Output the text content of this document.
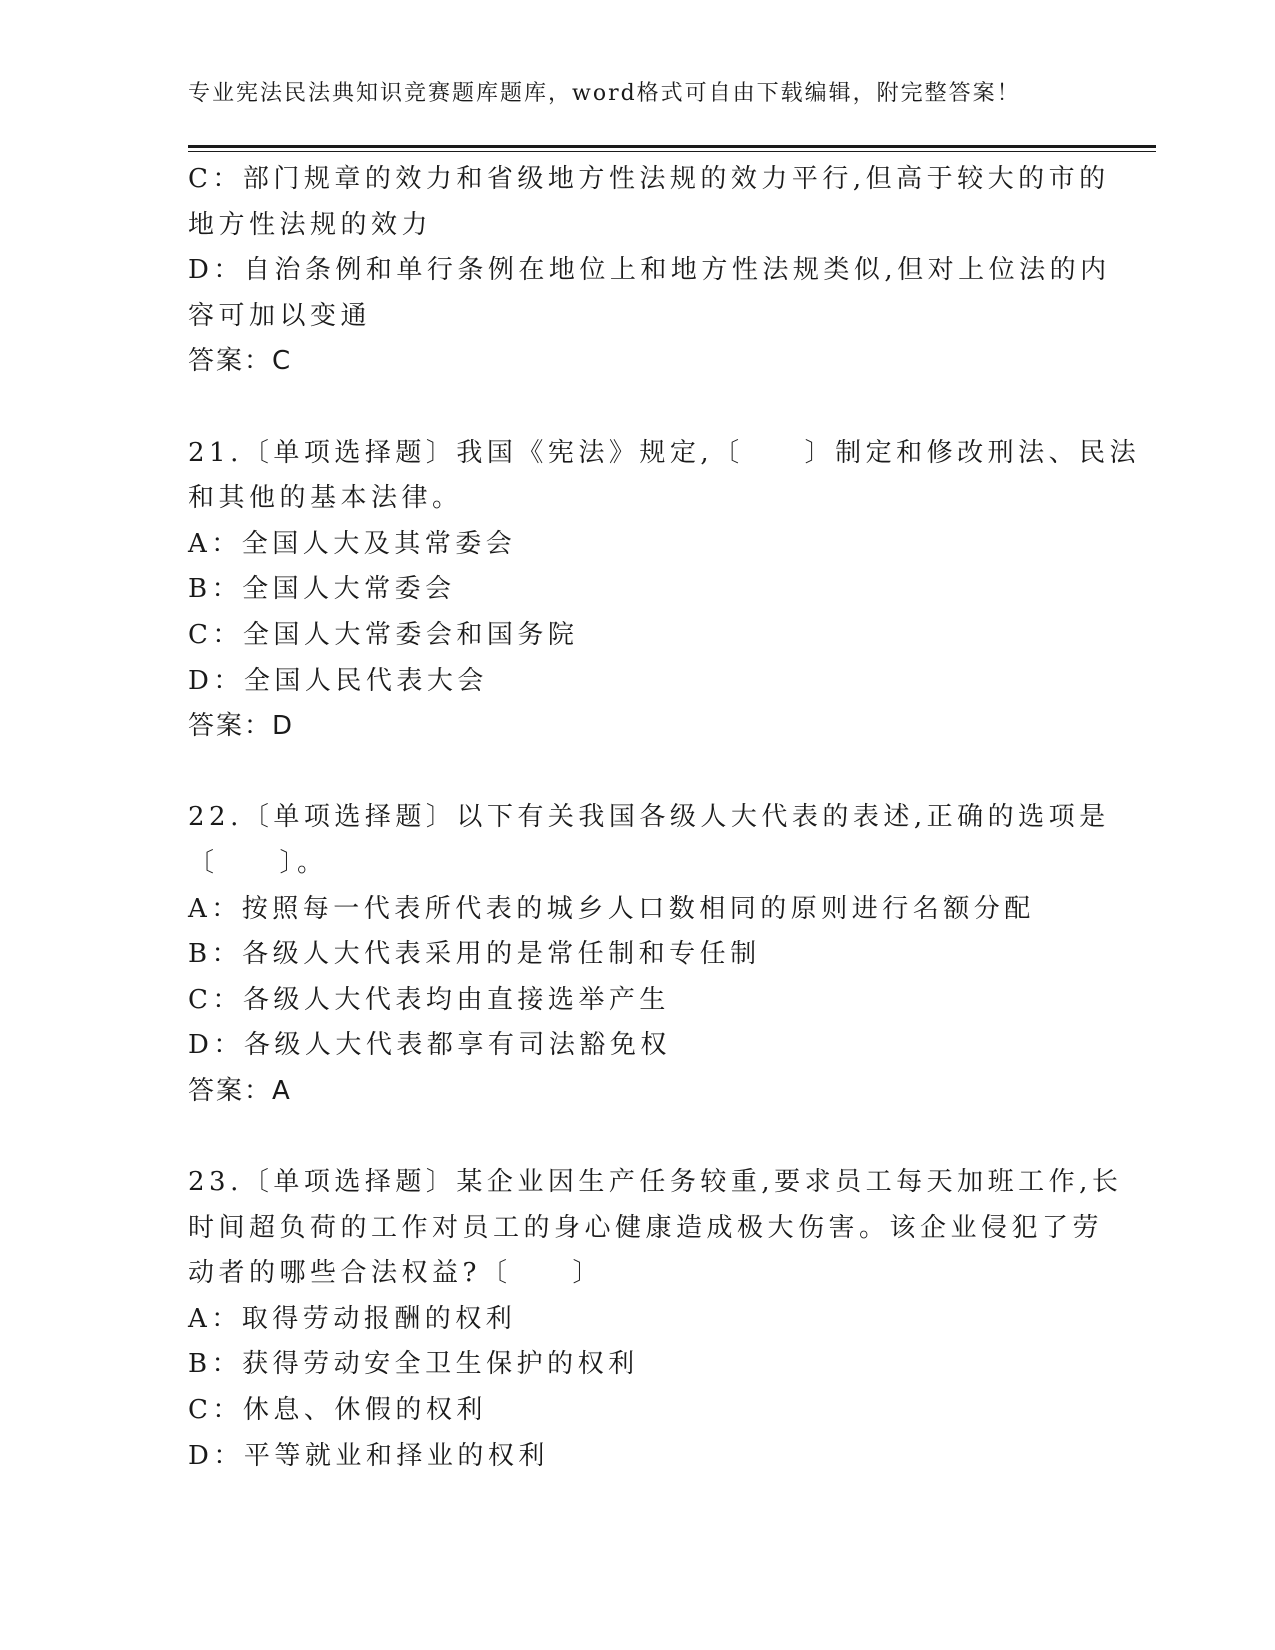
专业宪法民法典知识竞赛题库题库，word格式可自由下载编辑，附完整答案！
C：部门规章的效力和省级地方性法规的效力平行,但高于较大的市的
地方性法规的效力
D：自治条例和单行条例在地位上和地方性法规类似,但对上位法的内
容可加以变通
答案：C
21.〔单项选择题〕我国《宪法》规定,〔　　〕制定和修改刑法、民法
和其他的基本法律。
A：全国人大及其常委会
B：全国人大常委会
C：全国人大常委会和国务院
D：全国人民代表大会
答案：D
22.〔单项选择题〕以下有关我国各级人大代表的表述,正确的选项是
〔　　〕。
A：按照每一代表所代表的城乡人口数相同的原则进行名额分配
B：各级人大代表采用的是常任制和专任制
C：各级人大代表均由直接选举产生
D：各级人大代表都享有司法豁免权
答案：A
23.〔单项选择题〕某企业因生产任务较重,要求员工每天加班工作,长
时间超负荷的工作对员工的身心健康造成极大伤害。该企业侵犯了劳
动者的哪些合法权益?〔　　〕
A：取得劳动报酬的权利
B：获得劳动安全卫生保护的权利
C：休息、休假的权利
D：平等就业和择业的权利
